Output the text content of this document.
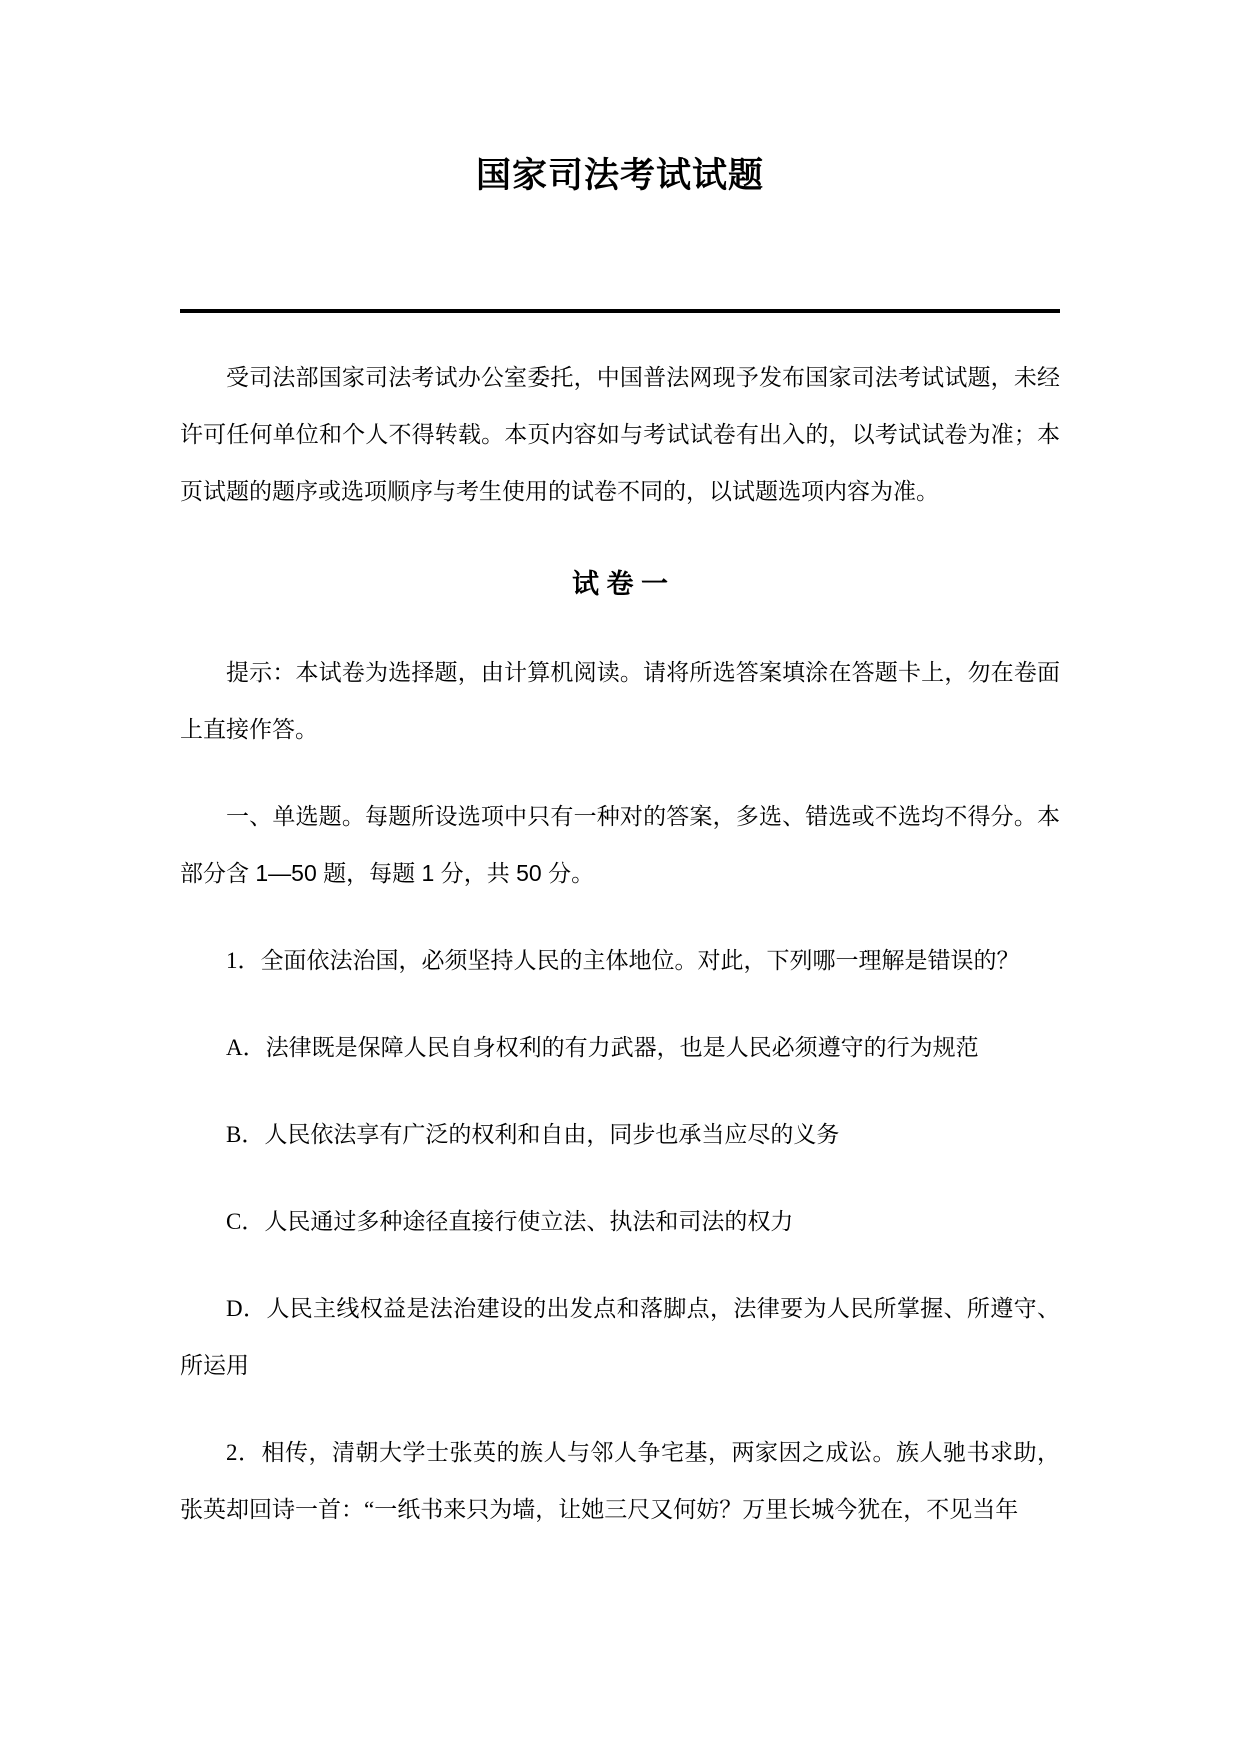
国家司法考试试题

受司法部国家司法考试办公室委托，中国普法网现予发布国家司法考试试题，未经许可任何单位和个人不得转载。本页内容如与考试试卷有出入的，以考试试卷为准；本页试题的题序或选项顺序与考生使用的试卷不同的，以试题选项内容为准。

试 卷 一

提示：本试卷为选择题，由计算机阅读。请将所选答案填涂在答题卡上，勿在卷面上直接作答。

一、单选题。每题所设选项中只有一种对的答案，多选、错选或不选均不得分。本部分含 1—50 题，每题 1 分，共 50 分。

1．全面依法治国，必须坚持人民的主体地位。对此，下列哪一理解是错误的？

A．法律既是保障人民自身权利的有力武器，也是人民必须遵守的行为规范

B．人民依法享有广泛的权利和自由，同步也承当应尽的义务

C．人民通过多种途径直接行使立法、执法和司法的权力

D．人民主线权益是法治建设的出发点和落脚点，法律要为人民所掌握、所遵守、所运用

2．相传，清朝大学士张英的族人与邻人争宅基，两家因之成讼。族人驰书求助，张英却回诗一首：“一纸书来只为墙，让她三尺又何妨？万里长城今犹在，不见当年
